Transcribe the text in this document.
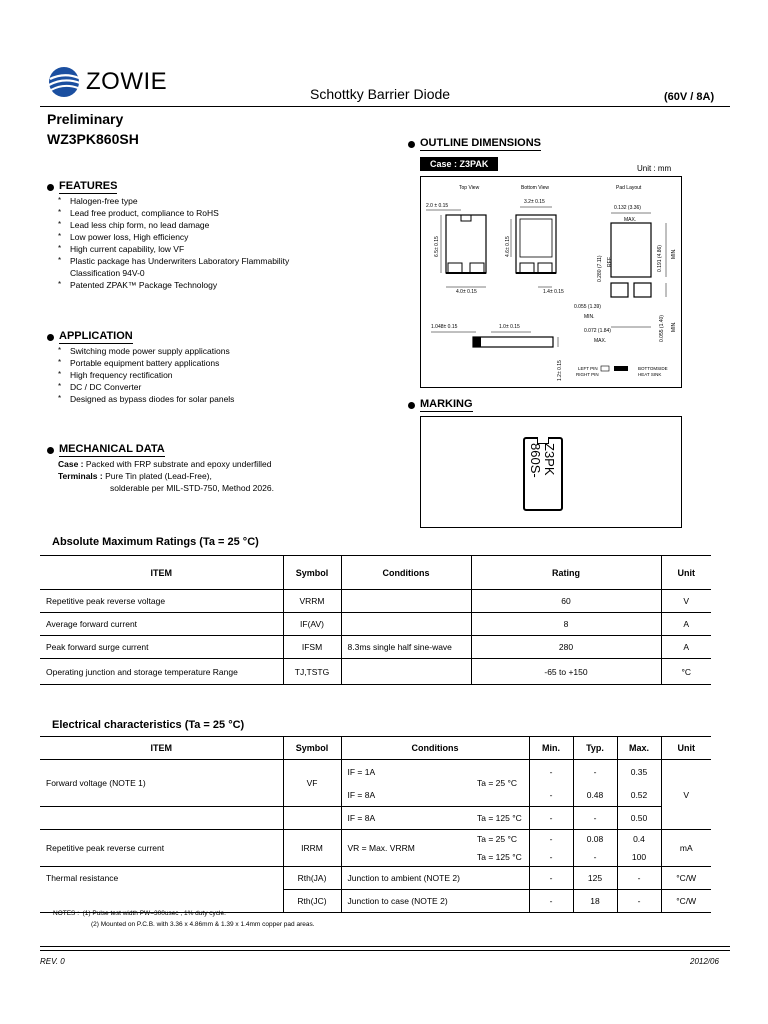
ZOWIE	Schottky Barrier Diode	(60V / 8A)
Preliminary
WZ3PK860SH
FEATURES
* Halogen-free type
* Lead free product, compliance to RoHS
* Lead less chip form, no lead damage
* Low power loss, High efficiency
* High current capability, low VF
* Plastic package has Underwriters Laboratory Flammability
Classification 94V-0
* Patented ZPAK™ Package Technology
APPLICATION
* Switching mode power supply applications
* Portable equipment battery applications
* High frequency rectification
* DC / DC Converter
* Designed as bypass diodes for solar panels
MECHANICAL DATA
Case : Packed with FRP substrate and epoxy underfilled
Terminals : Pure Tin plated (Lead-Free),
solderable per MIL-STD-750, Method 2026.
OUTLINE DIMENSIONS
Case : Z3PAK	Unit : mm
Top View	Bottom View	Pad Layout
2.0 ± 0.15
6.5± 0.15
4.0± 0.15
3.2± 0.15
4.6± 0.15
1.4± 0.15
0.132 (3.36)
MAX.
0.280 (7.11) REF.	0.191 (4.86) MIN.
0.055 (1.39)
MIN.
0.072 (1.84)
MAX.	0.055 (1.40) MIN.
1.048± 0.15	1.0± 0.15
1.2± 0.15	LEFT PIN
RIGHT PIN
BOTTOMSIDE
HEAT SINK
MARKING
Z3PK
860S-
Absolute Maximum Ratings (Ta = 25 °C)
ITEM	Symbol	Conditions	Rating	Unit
Repetitive peak reverse voltage	VRRM		60	V
Average forward current	IF(AV)		8	A
Peak forward surge current	IFSM	8.3ms single half sine-wave	280	A
Operating junction and storage temperature Range	TJ,TSTG		-65 to +150	°C
Electrical characteristics (Ta = 25 °C)
ITEM	Symbol	Conditions		Min.	Typ.	Max.	Unit
Forward voltage (NOTE 1)	VF	IF = 1A	Ta = 25 °C	-	-	0.35	V
		IF = 8A		-	0.48	0.52	
		IF = 8A	Ta = 125 °C	-	-	0.50	
Repetitive peak reverse current	IRRM	VR = Max. VRRM	Ta = 25 °C	-	0.08	0.4	mA
			Ta = 125 °C	-	-	100	
Thermal resistance	Rth(JA)	Junction to ambient (NOTE 2)		-	125	-	°C/W
	Rth(JC)	Junction to case (NOTE 2)		-	18	-	°C/W
NOTES : (1) Pulse test width PW=300usec , 1% duty cycle.
(2) Mounted on P.C.B. with 3.36 x 4.86mm & 1.39 x 1.4mm copper pad areas.
REV. 0	2012/06
